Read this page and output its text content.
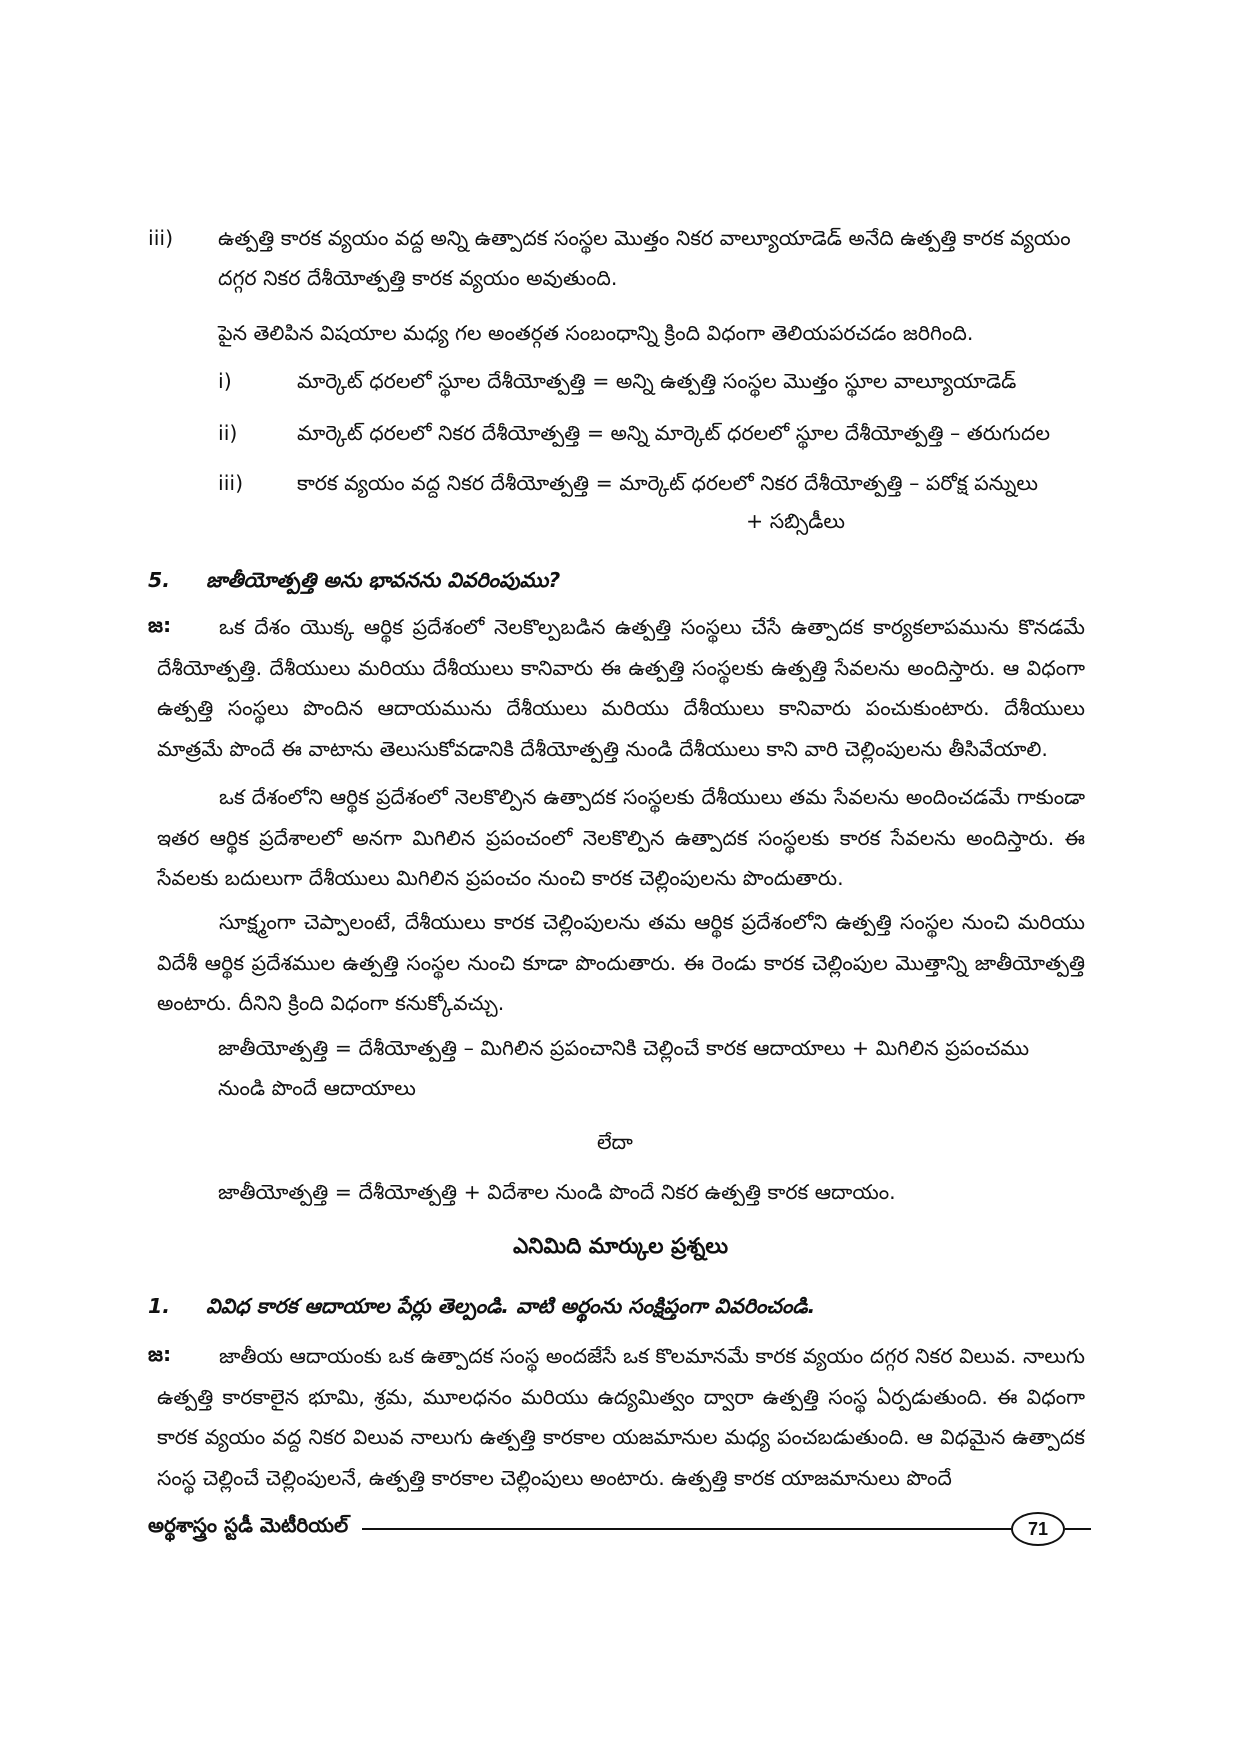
iii) ఉత్పత్తి కారక వ్యయం వద్ద అన్ని ఉత్పాదక సంస్థల మొత్తం నికర వాల్యూయాడెడ్ అనేది ఉత్పత్తి కారక వ్యయం
దగ్గర నికర దేశీయోత్పత్తి కారక వ్యయం అవుతుంది.
పైన తెలిపిన విషయాల మధ్య గల అంతర్గత సంబంధాన్ని క్రింది విధంగా తెలియపరచడం జరిగింది.
i)	మార్కెట్ ధరలలో స్థూల దేశీయోత్పత్తి = అన్ని ఉత్పత్తి సంస్థల మొత్తం స్థూల వాల్యూయాడెడ్
ii)	మార్కెట్ ధరలలో నికర దేశీయోత్పత్తి = అన్ని మార్కెట్ ధరలలో స్థూల దేశీయోత్పత్తి – తరుగుదల
iii)	కారక వ్యయం వద్ద నికర దేశీయోత్పత్తి = మార్కెట్ ధరలలో నికర దేశీయోత్పత్తి – పరోక్ష పన్నులు
+ సబ్సిడీలు
5. జాతీయోత్పత్తి అను భావనను వివరింపుము?
జ:	ఒక దేశం యొక్క ఆర్థిక ప్రదేశంలో నెలకొల్పబడిన ఉత్పత్తి సంస్థలు చేసే ఉత్పాదక కార్యకలాపమును కొనడమే దేశీయోత్పత్తి. దేశీయులు మరియు దేశీయులు కానివారు ఈ ఉత్పత్తి సంస్థలకు ఉత్పత్తి సేవలను అందిస్తారు. ఆ విధంగా ఉత్పత్తి సంస్థలు పొందిన ఆదాయమును దేశీయులు మరియు దేశీయులు కానివారు పంచుకుంటారు. దేశీయులు మాత్రమే పొందే ఈ వాటాను తెలుసుకోవడానికి దేశీయోత్పత్తి నుండి దేశీయులు కాని వారి చెల్లింపులను తీసివేయాలి.
ఒక దేశంలోని ఆర్థిక ప్రదేశంలో నెలకొల్పిన ఉత్పాదక సంస్థలకు దేశీయులు తమ సేవలను అందించడమే గాకుండా ఇతర ఆర్థిక ప్రదేశాలలో అనగా మిగిలిన ప్రపంచంలో నెలకొల్పిన ఉత్పాదక సంస్థలకు కారక సేవలను అందిస్తారు. ఈ సేవలకు బదులుగా దేశీయులు మిగిలిన ప్రపంచం నుంచి కారక చెల్లింపులను పొందుతారు.
సూక్ష్మంగా చెప్పాలంటే, దేశీయులు కారక చెల్లింపులను తమ ఆర్థిక ప్రదేశంలోని ఉత్పత్తి సంస్థల నుంచి మరియు విదేశీ ఆర్థిక ప్రదేశముల ఉత్పత్తి సంస్థల నుంచి కూడా పొందుతారు. ఈ రెండు కారక చెల్లింపుల మొత్తాన్ని జాతీయోత్పత్తి అంటారు. దీనిని క్రింది విధంగా కనుక్కోవచ్చు.
జాతీయోత్పత్తి = దేశీయోత్పత్తి – మిగిలిన ప్రపంచానికి చెల్లించే కారక ఆదాయాలు + మిగిలిన ప్రపంచము
నుండి పొందే ఆదాయాలు
లేదా
జాతీయోత్పత్తి = దేశీయోత్పత్తి + విదేశాల నుండి పొందే నికర ఉత్పత్తి కారక ఆదాయం.
ఎనిమిది మార్కుల ప్రశ్నలు
1. వివిధ కారక ఆదాయాల పేర్లు తెల్పండి. వాటి అర్థంను సంక్షిప్తంగా వివరించండి.
జ:	జాతీయ ఆదాయంకు ఒక ఉత్పాదక సంస్థ అందజేసే ఒక కొలమానమే కారక వ్యయం దగ్గర నికర విలువ. నాలుగు ఉత్పత్తి కారకాలైన భూమి, శ్రమ, మూలధనం మరియు ఉద్యమిత్వం ద్వారా ఉత్పత్తి సంస్థ ఏర్పడుతుంది. ఈ విధంగా కారక వ్యయం వద్ద నికర విలువ నాలుగు ఉత్పత్తి కారకాల యజమానుల మధ్య పంచబడుతుంది. ఆ విధమైన ఉత్పాదక సంస్థ చెల్లించే చెల్లింపులనే, ఉత్పత్తి కారకాల చెల్లింపులు అంటారు. ఉత్పత్తి కారక యాజమానులు పొందే
అర్థశాస్త్రం స్టడీ మెటీరియల్	71
